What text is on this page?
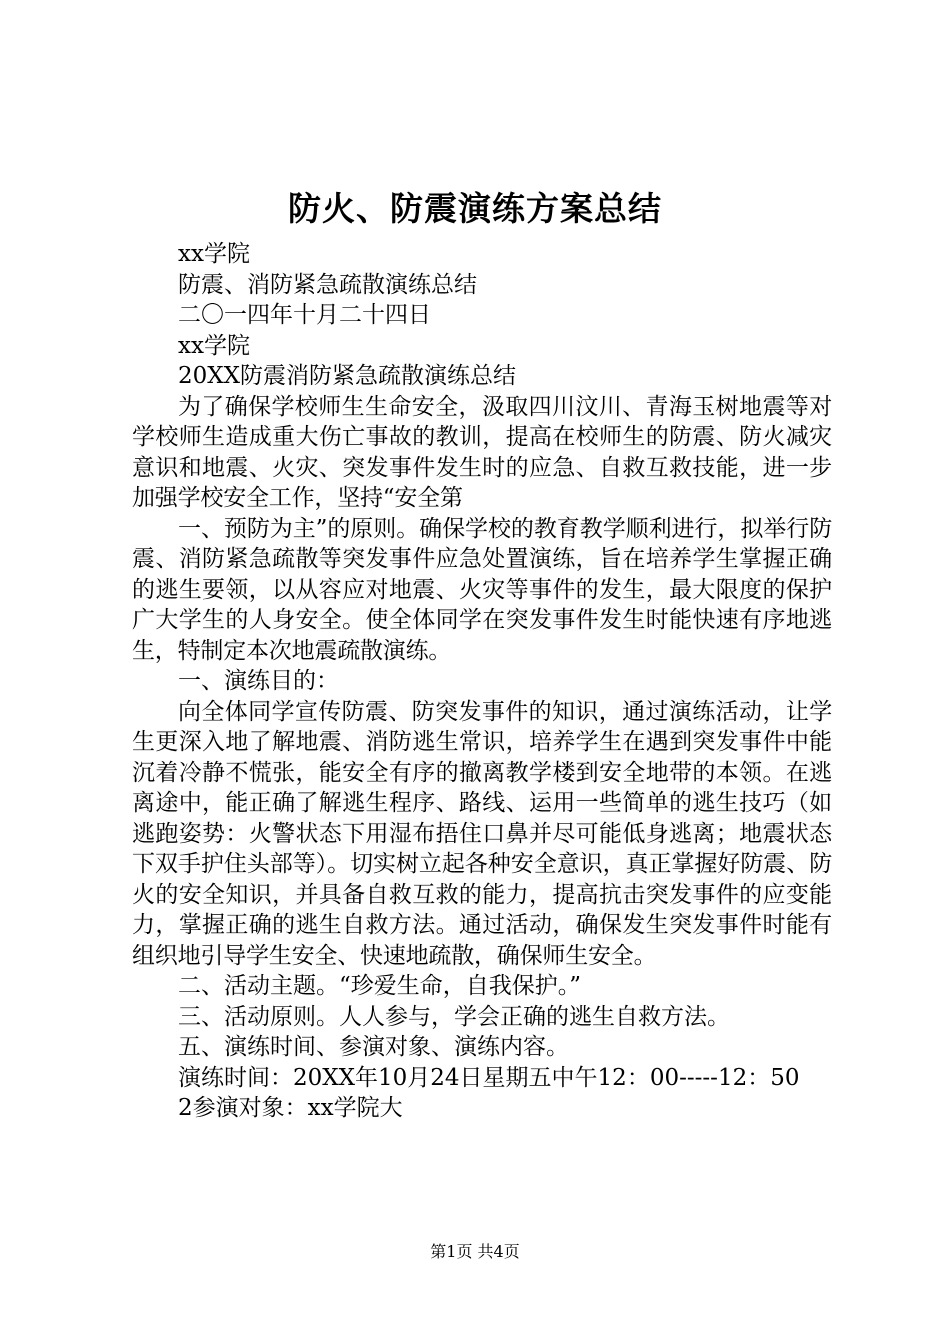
防火、防震演练方案总结

xx学院

防震、消防紧急疏散演练总结

二〇一四年十月二十四日

xx学院

20XX防震消防紧急疏散演练总结

为了确保学校师生生命安全，汲取四川汶川、青海玉树地震等对学校师生造成重大伤亡事故的教训，提高在校师生的防震、防火减灾意识和地震、火灾、突发事件发生时的应急、自救互救技能，进一步加强学校安全工作，坚持“安全第

一、预防为主”的原则。确保学校的教育教学顺利进行，拟举行防震、消防紧急疏散等突发事件应急处置演练，旨在培养学生掌握正确的逃生要领，以从容应对地震、火灾等事件的发生，最大限度的保护广大学生的人身安全。使全体同学在突发事件发生时能快速有序地逃生，特制定本次地震疏散演练。

一、演练目的：

向全体同学宣传防震、防突发事件的知识，通过演练活动，让学生更深入地了解地震、消防逃生常识，培养学生在遇到突发事件中能沉着冷静不慌张，能安全有序的撤离教学楼到安全地带的本领。在逃离途中，能正确了解逃生程序、路线、运用一些简单的逃生技巧（如逃跑姿势：火警状态下用湿布捂住口鼻并尽可能低身逃离；地震状态下双手护住头部等）。切实树立起各种安全意识，真正掌握好防震、防火的安全知识，并具备自救互救的能力，提高抗击突发事件的应变能力，掌握正确的逃生自救方法。通过活动，确保发生突发事件时能有组织地引导学生安全、快速地疏散，确保师生安全。

二、活动主题。“珍爱生命，自我保护。”

三、活动原则。人人参与，学会正确的逃生自救方法。

五、演练时间、参演对象、演练内容。

演练时间：20XX年10月24日星期五中午12：00-----12：50

2参演对象：xx学院大

第1页 共4页
